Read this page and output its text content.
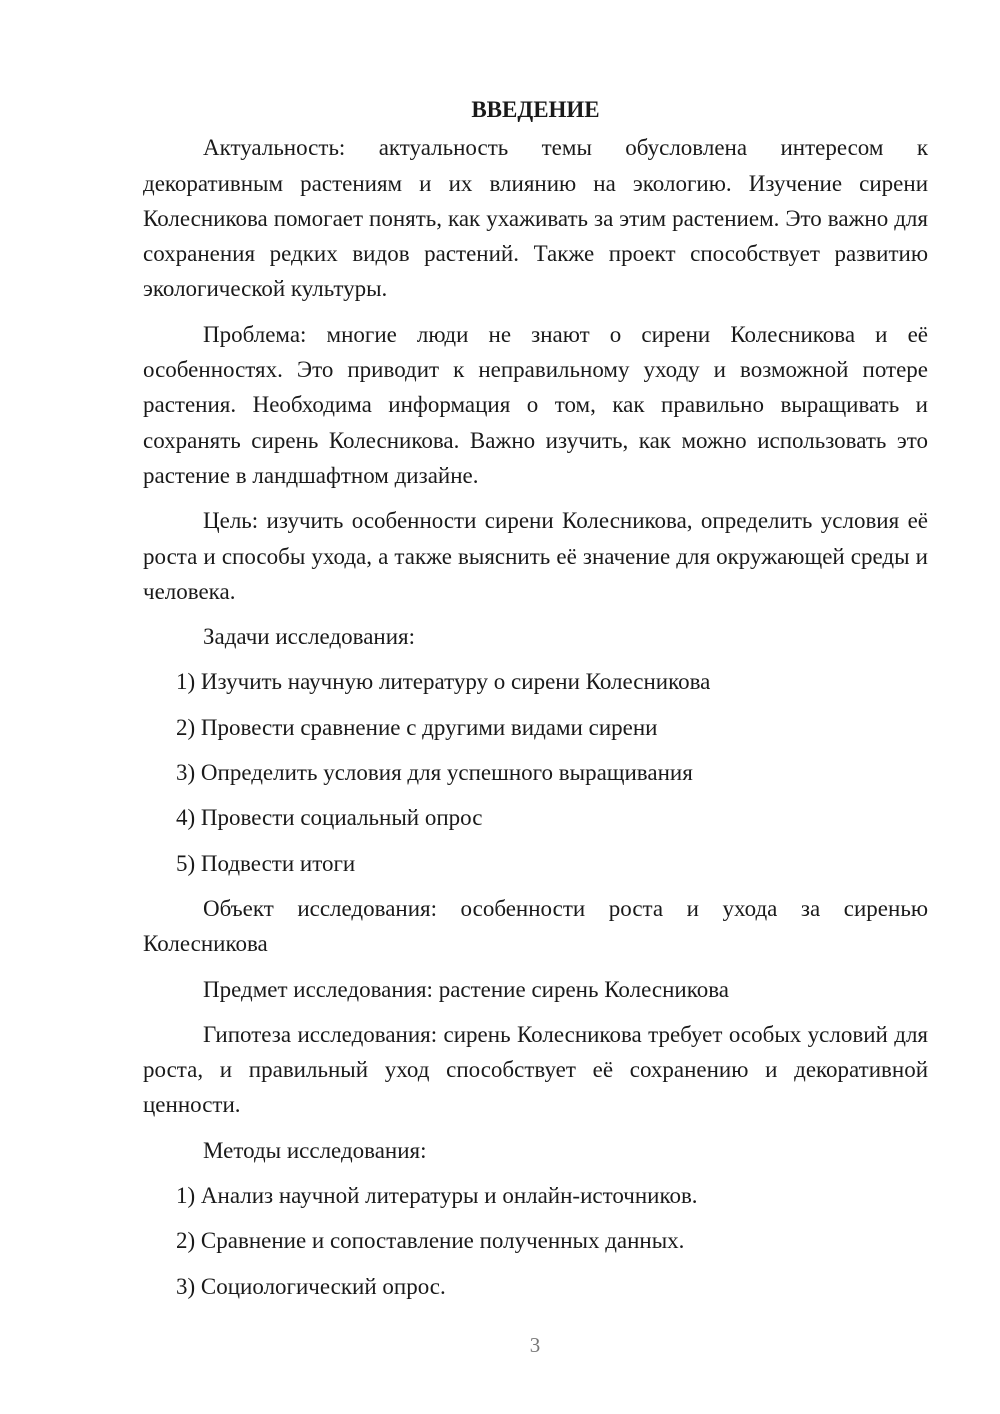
ВВЕДЕНИЕ

Актуальность: актуальность темы обусловлена интересом к декоративным растениям и их влиянию на экологию. Изучение сирени Колесникова помогает понять, как ухаживать за этим растением. Это важно для сохранения редких видов растений. Также проект способствует развитию экологической культуры.

Проблема: многие люди не знают о сирени Колесникова и её особенностях. Это приводит к неправильному уходу и возможной потере растения. Необходима информация о том, как правильно выращивать и сохранять сирень Колесникова. Важно изучить, как можно использовать это растение в ландшафтном дизайне.

Цель: изучить особенности сирени Колесникова, определить условия её роста и способы ухода, а также выяснить её значение для окружающей среды и человека.

Задачи исследования:

1) Изучить научную литературу о сирени Колесникова

2) Провести сравнение с другими видами сирени

3) Определить условия для успешного выращивания

4) Провести социальный опрос

5) Подвести итоги

Объект исследования: особенности роста и ухода за сиренью Колесникова

Предмет исследования: растение сирень Колесникова

Гипотеза исследования: сирень Колесникова требует особых условий для роста, и правильный уход способствует её сохранению и декоративной ценности.

Методы исследования:

1) Анализ научной литературы и онлайн-источников.

2) Сравнение и сопоставление полученных данных.

3) Социологический опрос.

3
